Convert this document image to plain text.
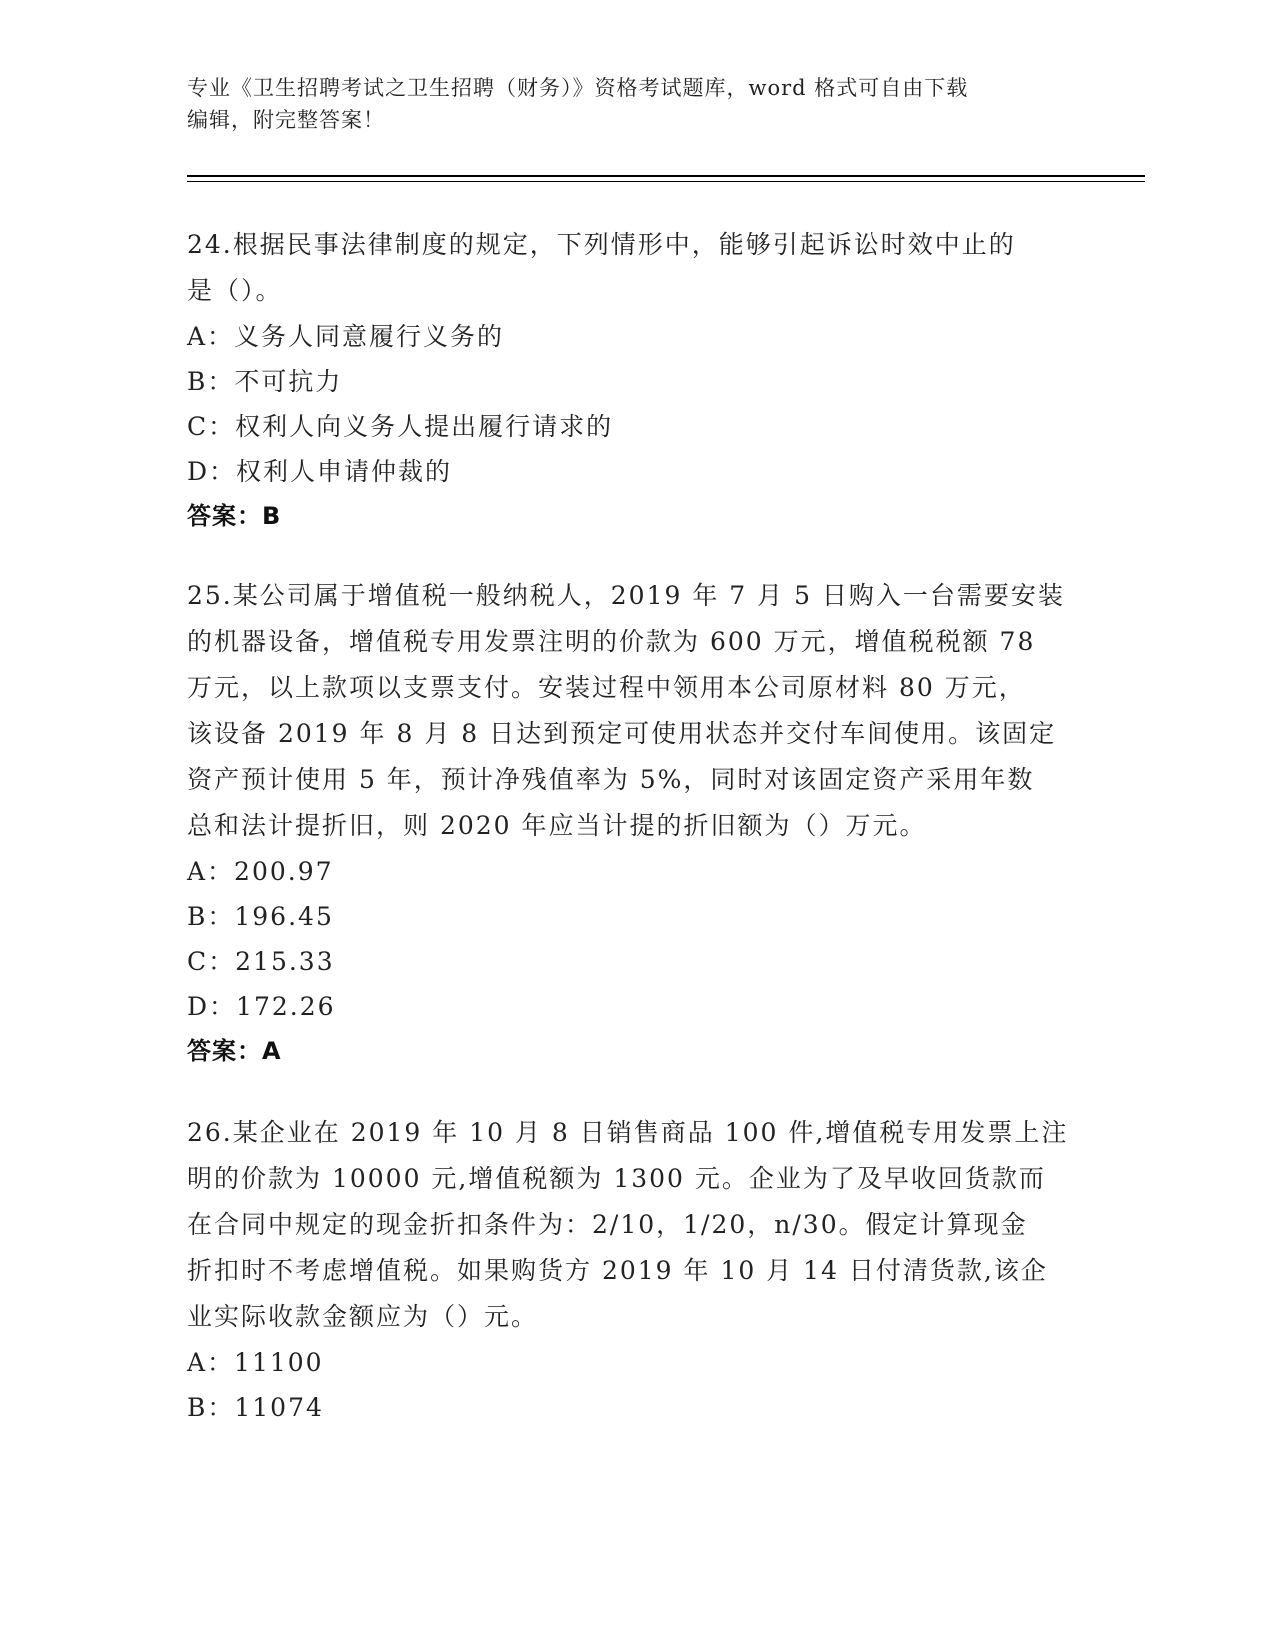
专业《卫生招聘考试之卫生招聘（财务）》资格考试题库，word 格式可自由下载
编辑，附完整答案！
24.根据民事法律制度的规定，下列情形中，能够引起诉讼时效中止的
是（）。
A：义务人同意履行义务的
B：不可抗力
C：权利人向义务人提出履行请求的
D：权利人申请仲裁的
答案：B
25.某公司属于增值税一般纳税人，2019 年 7 月 5 日购入一台需要安装
的机器设备，增值税专用发票注明的价款为 600 万元，增值税税额 78
万元，以上款项以支票支付。安装过程中领用本公司原材料 80 万元，
该设备 2019 年 8 月 8 日达到预定可使用状态并交付车间使用。该固定
资产预计使用 5 年，预计净残值率为 5%，同时对该固定资产采用年数
总和法计提折旧，则 2020 年应当计提的折旧额为（）万元。
A：200.97
B：196.45
C：215.33
D：172.26
答案：A
26.某企业在 2019 年 10 月 8 日销售商品 100 件,增值税专用发票上注
明的价款为 10000 元,增值税额为 1300 元。企业为了及早收回货款而
在合同中规定的现金折扣条件为：2/10，1/20，n/30。假定计算现金
折扣时不考虑增值税。如果购货方 2019 年 10 月 14 日付清货款,该企
业实际收款金额应为（）元。
A：11100
B：11074
